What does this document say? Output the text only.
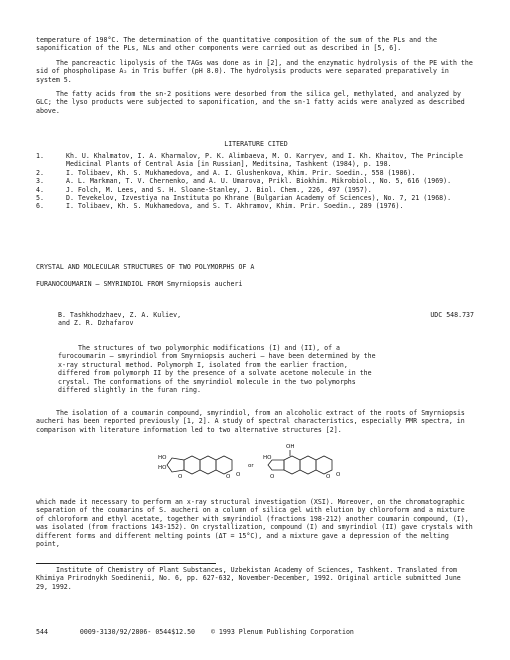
temperature of 198°C. The determination of the quantitative composition of the sum of the PLs and the saponification of the PLs, NLs and other components were carried out as described in [5, 6].

The pancreactic lipolysis of the TAGs was done as in [2], and the enzymatic hydrolysis of the PE with the sid of phospholipase A₂ in Tris buffer (pH 8.0). The hydrolysis products were separated preparatively in system 5.

The fatty acids from the sn-2 positions were desorbed from the silica gel, methylated, and analyzed by GLC; the lyso products were subjected to saponification, and the sn-1 fatty acids were analyzed as described above.

LITERATURE CITED
1.	Kh. U. Khalmatov, I. A. Kharmalov, P. K. Alimbaeva, M. O. Karryev, and I. Kh. Khaitov, The Principle Medicinal Plants of Central Asia [in Russian], Meditsina, Tashkent (1984), p. 198.
2.	I. Tolibaev, Kh. S. Mukhamedova, and A. I. Glushenkova, Khim. Prir. Soedin., 558 (1986).
3.	A. L. Markman, T. V. Chernenko, and A. U. Umarova, Prikl. Biokhim. Mikrobiol., No. 5, 616 (1969).
4.	J. Folch, M. Lees, and S. H. Sloane-Stanley, J. Biol. Chem., 226, 497 (1957).
5.	D. Tevekelov, Izvestiya na Instituta po Khrane (Bulgarian Academy of Sciences), No. 7, 21 (1968).
6.	I. Tolibaev, Kh. S. Mukhamedova, and S. T. Akhramov, Khim. Prir. Soedin., 289 (1976).

CRYSTAL AND MOLECULAR STRUCTURES OF TWO POLYMORPHS OF A

FURANOCOUMARIN — SMYRINDIOL FROM Smyrniopsis aucheri

B. Tashkhodzhaev, Z. A. Kuliev,
and Z. R. Dzhafarov
UDC 548.737

The structures of two polymorphic modifications (I) and (II), of a furocoumarin — smyrindiol from Smyrniopsis aucheri — have been determined by the x-ray structural method. Polymorph I, isolated from the earlier fraction, differed from polymorph II by the presence of a solvate acetone molecule in the crystal. The conformations of the smyrindiol molecule in the two polymorphs differed slightly in the furan ring.

The isolation of a coumarin compound, smyrindiol, from an alcoholic extract of the roots of Smyrniopsis aucheri has been reported previously [1, 2]. A study of spectral characteristics, especially PMR spectra, in comparison with literature information led to two alternative structures [2].

HO
HO
O	O O
or
HO
OH
O	O O

which made it necessary to perform an x-ray structural investigation (XSI). Moreover, on the chromatographic separation of the coumarins of S. aucheri on a column of silica gel with elution by chloroform and a mixture of chloroform and ethyl acetate, together with smyrindiol (fractions 198-212) another coumarin compound, (I), was isolated (from fractions 143-152). On crystallization, compound (I) and smyrindiol (II) gave crystals with different forms and different melting points (ΔT = 15°C), and a mixture gave a depression of the melting point,

Institute of Chemistry of Plant Substances, Uzbekistan Academy of Sciences, Tashkent. Translated from Khimiya Prirodnykh Soedinenii, No. 6, pp. 627-632, November-December, 1992. Original article submitted June 29, 1992.

544	0009-3130/92/2806- 0544$12.50 © 1993 Plenum Publishing Corporation
